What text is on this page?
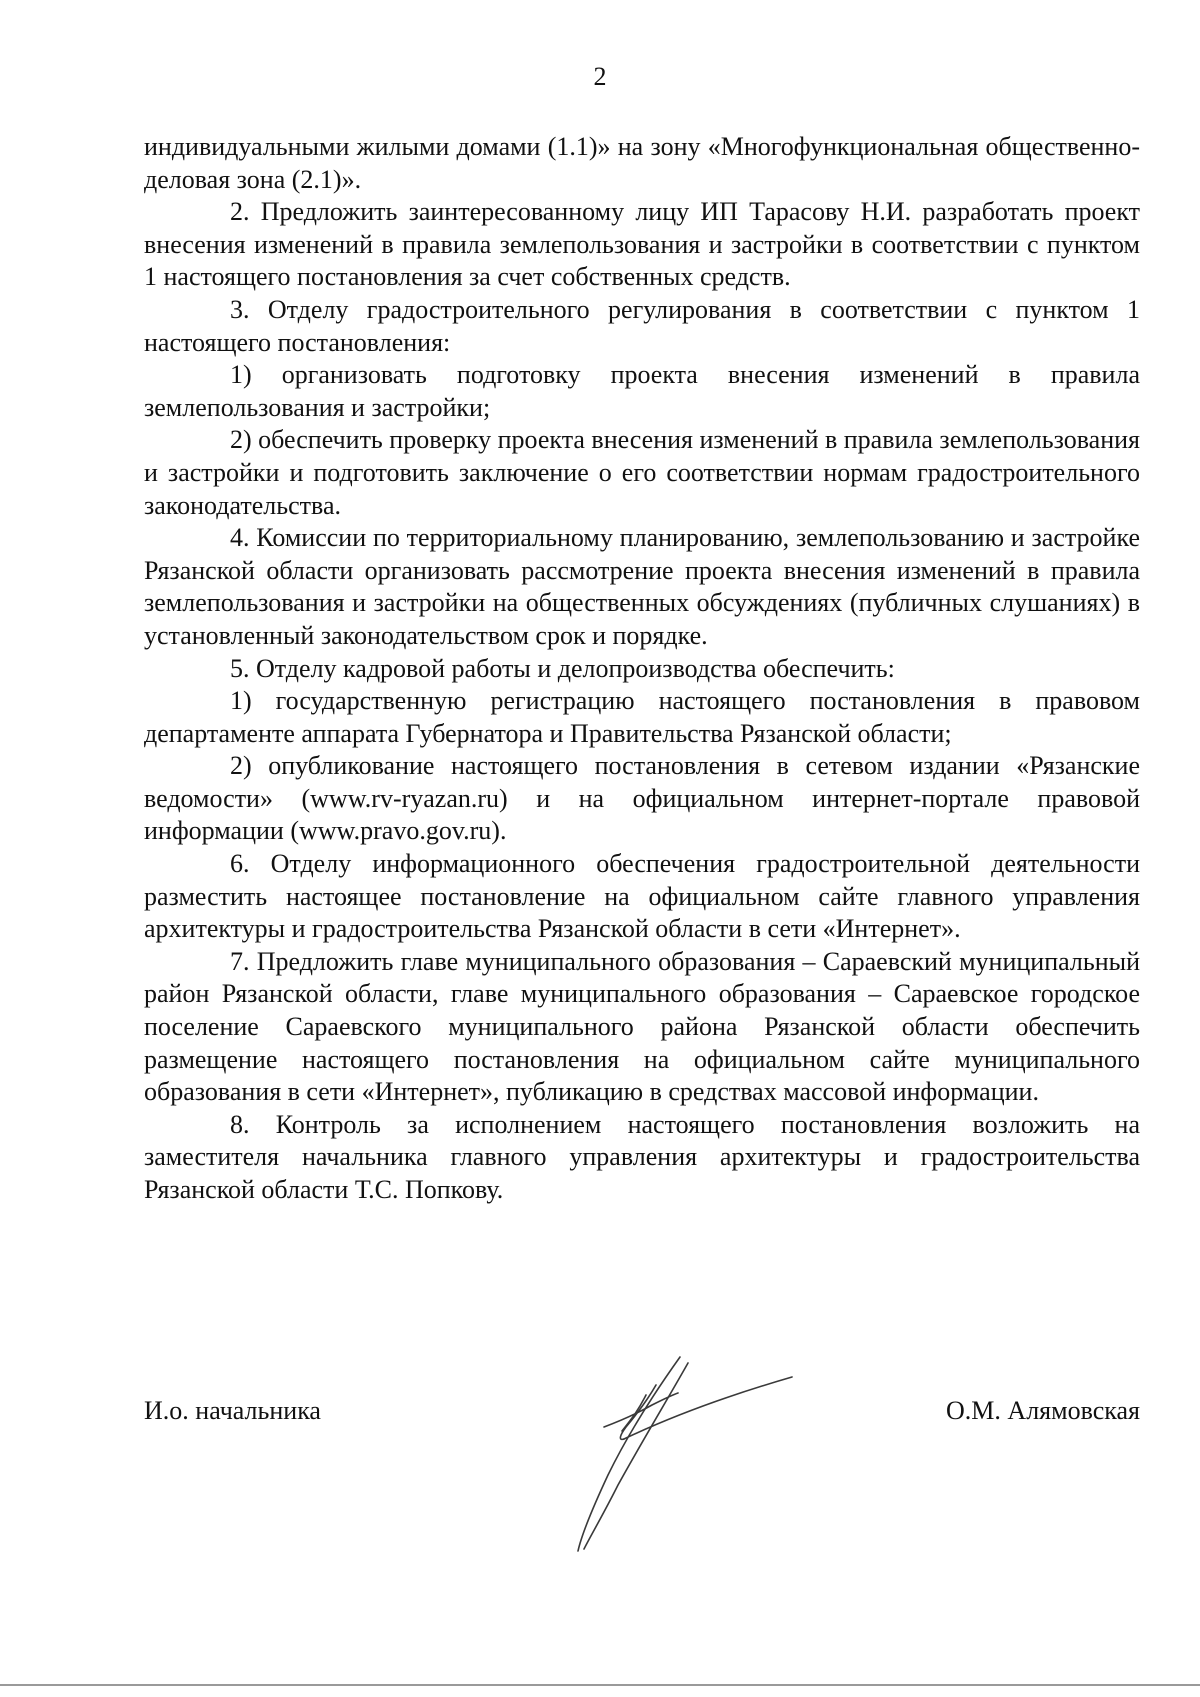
2

индивидуальными жилыми домами (1.1)» на зону «Многофункциональная общественно-деловая зона (2.1)».

2. Предложить заинтересованному лицу ИП Тарасову Н.И. разработать проект внесения изменений в правила землепользования и застройки в соответствии с пунктом 1 настоящего постановления за счет собственных средств.

3. Отделу градостроительного регулирования в соответствии с пунктом 1 настоящего постановления:

1) организовать подготовку проекта внесения изменений в правила землепользования и застройки;

2) обеспечить проверку проекта внесения изменений в правила землепользования и застройки и подготовить заключение о его соответствии нормам градостроительного законодательства.

4. Комиссии по территориальному планированию, землепользованию и застройке Рязанской области организовать рассмотрение проекта внесения изменений в правила землепользования и застройки на общественных обсуждениях (публичных слушаниях) в установленный законодательством срок и порядке.

5. Отделу кадровой работы и делопроизводства обеспечить:

1) государственную регистрацию настоящего постановления в правовом департаменте аппарата Губернатора и Правительства Рязанской области;

2) опубликование настоящего постановления в сетевом издании «Рязанские ведомости» (www.rv-ryazan.ru) и на официальном интернет-портале правовой информации (www.pravo.gov.ru).

6. Отделу информационного обеспечения градостроительной деятельности разместить настоящее постановление на официальном сайте главного управления архитектуры и градостроительства Рязанской области в сети «Интернет».

7. Предложить главе муниципального образования – Сараевский муниципальный район Рязанской области, главе муниципального образования – Сараевское городское поселение Сараевского муниципального района Рязанской области обеспечить размещение настоящего постановления на официальном сайте муниципального образования в сети «Интернет», публикацию в средствах массовой информации.

8. Контроль за исполнением настоящего постановления возложить на заместителя начальника главного управления архитектуры и градостроительства Рязанской области Т.С. Попкову.

И.о. начальника	О.М. Алямовская
